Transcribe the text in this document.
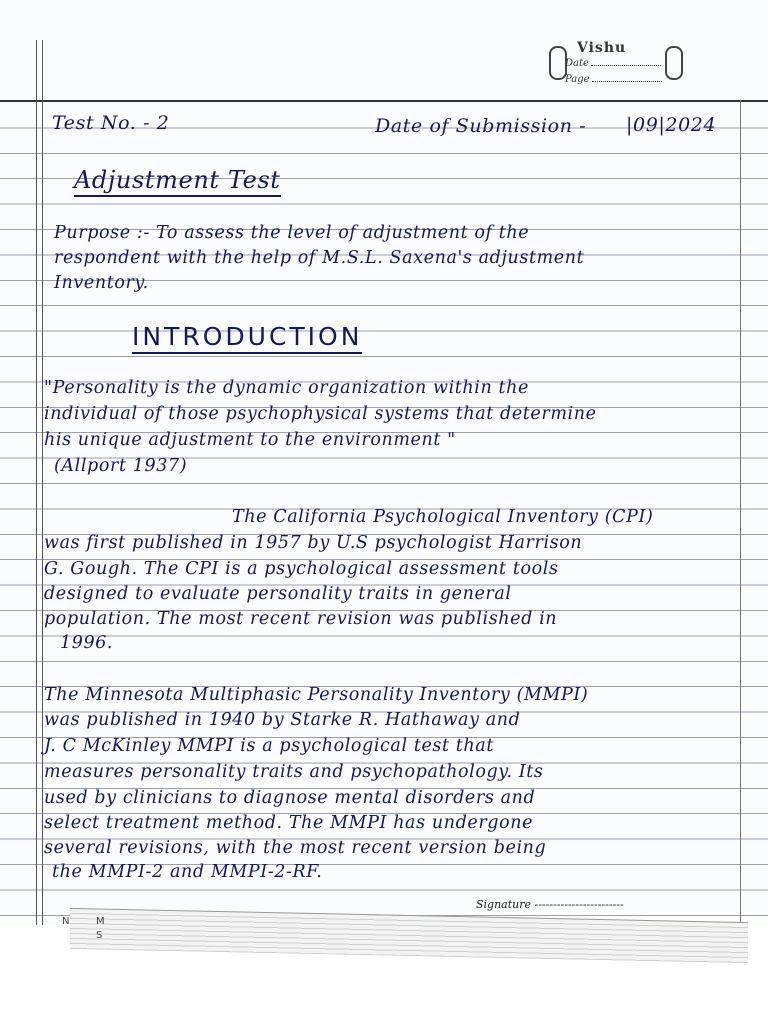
Vishu
Date
Page
N	M
S
Test No. - 2	Date of Submission - |09|2024
Adjustment Test
Purpose :- To assess the level of adjustment of the
respondent with the help of M.S.L. Saxena's adjustment
Inventory.
INTRODUCTION
"Personality is the dynamic organization within the
individual of those psychophysical systems that determine
his unique adjustment to the environment "
(Allport 1937)
The California Psychological Inventory (CPI)
was first published in 1957 by U.S psychologist Harrison
G. Gough. The CPI is a psychological assessment tools
designed to evaluate personality traits in general
population. The most recent revision was published in
1996.
The Minnesota Multiphasic Personality Inventory (MMPI)
was published in 1940 by Starke R. Hathaway and
J. C McKinley MMPI is a psychological test that
measures personality traits and psychopathology. Its
used by clinicians to diagnose mental disorders and
select treatment method. The MMPI has undergone
several revisions, with the most recent version being
the MMPI-2 and MMPI-2-RF.
Signature ------------------------
